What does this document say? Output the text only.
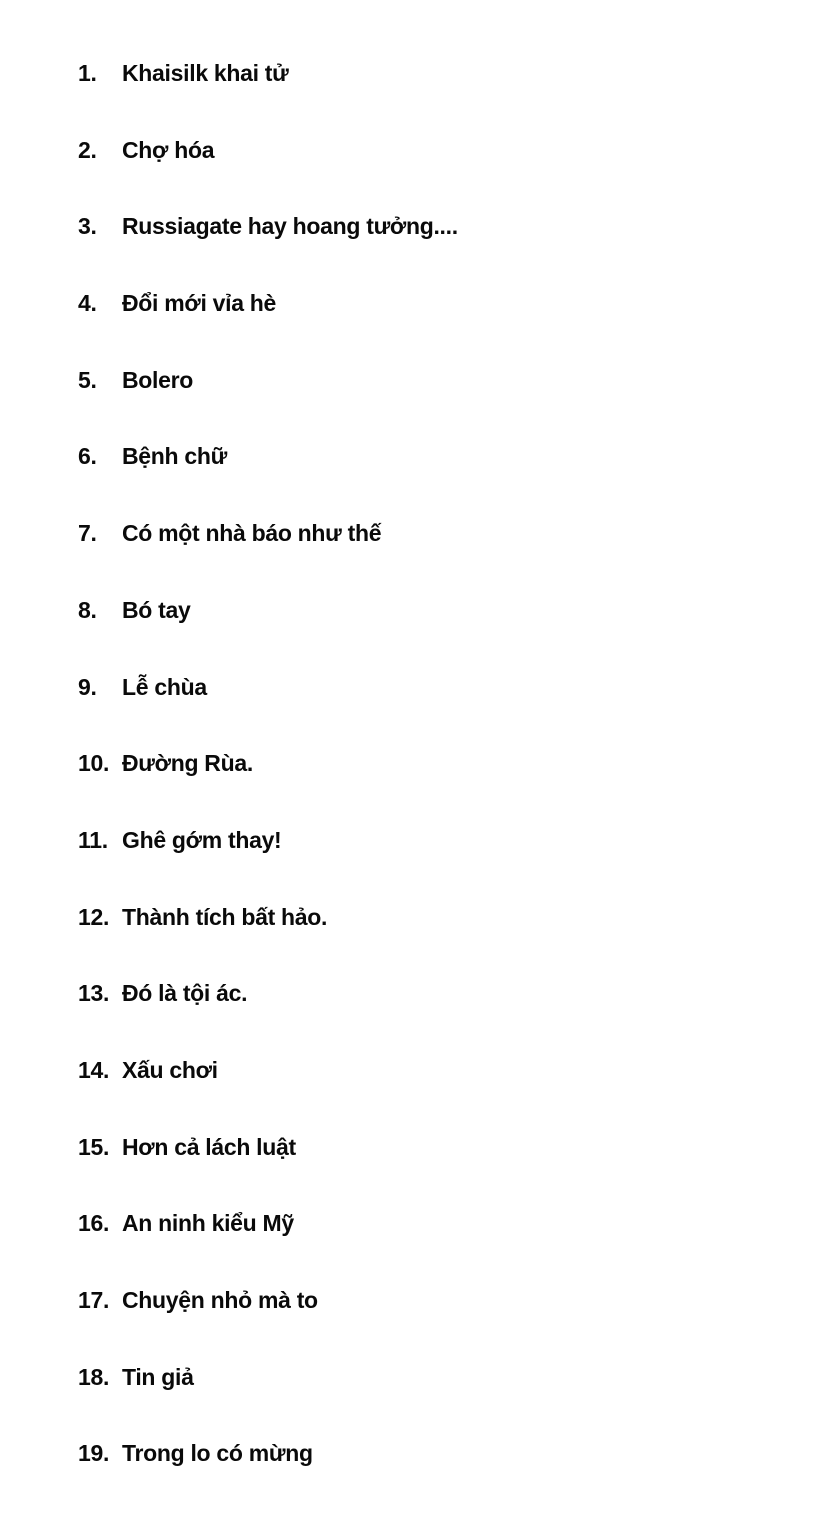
1.	Khaisilk khai tử
2.	Chợ hóa
3.	Russiagate hay hoang tưởng....
4.	Đổi mới vỉa hè
5.	Bolero
6.	Bệnh chữ
7.	Có một nhà báo như thế
8.	Bó tay
9.	Lễ chùa
10. Đường Rùa.
11. Ghê gớm thay!
12. Thành tích bất hảo.
13. Đó là tội ác.
14. Xấu chơi
15. Hơn cả lách luật
16. An ninh kiểu Mỹ
17. Chuyện nhỏ mà to
18. Tin giả
19. Trong lo có mừng
